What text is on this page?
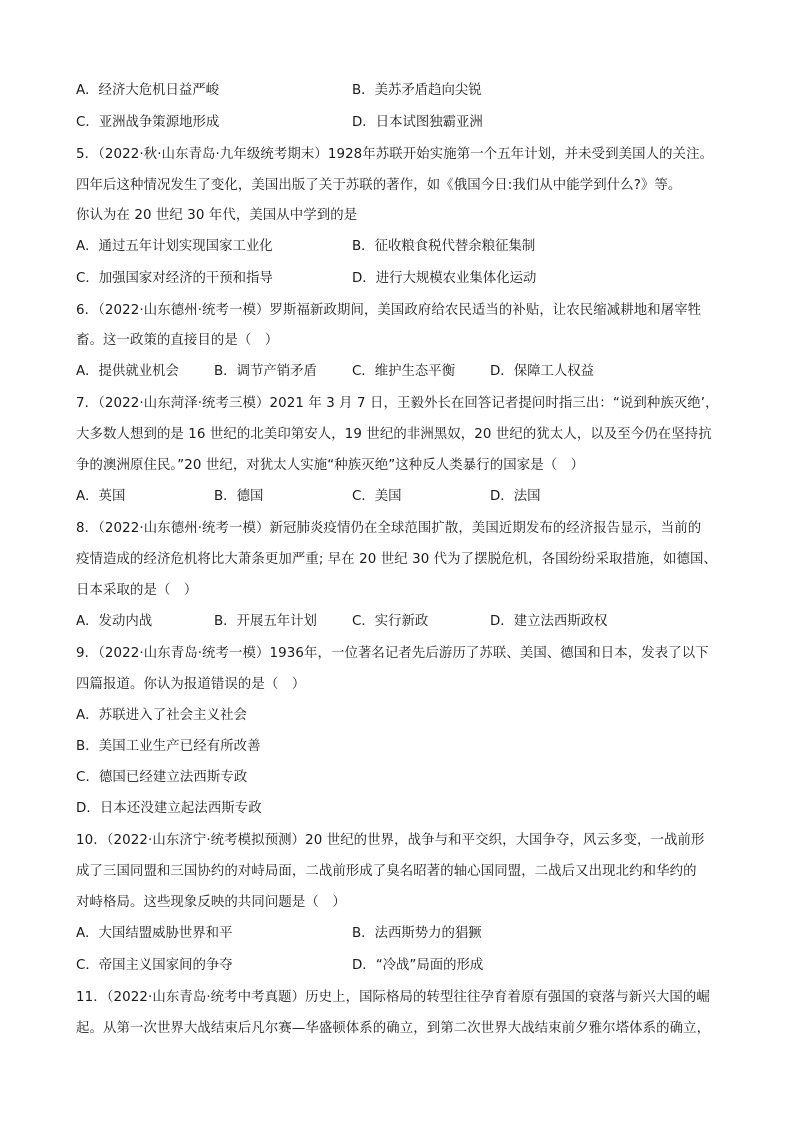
A．经济大危机日益严峻	B．美苏矛盾趋向尖锐
C．亚洲战争策源地形成	D．日本试图独霸亚洲
5．（2022·秋·山东青岛·九年级统考期末）1928年苏联开始实施第一个五年计划，并未受到美国人的关注。
四年后这种情况发生了变化，美国出版了关于苏联的著作，如《俄国今日:我们从中能学到什么?》等。
你认为在 20 世纪 30 年代，美国从中学到的是
A．通过五年计划实现国家工业化	B．征收粮食税代替余粮征集制
C．加强国家对经济的干预和指导	D．进行大规模农业集体化运动
6．（2022·山东德州·统考一模）罗斯福新政期间，美国政府给农民适当的补贴，让农民缩减耕地和屠宰牲
畜。这一政策的直接目的是（　）
A．提供就业机会	B．调节产销矛盾	C．维护生态平衡	D．保障工人权益
7．（2022·山东菏泽·统考三模）2021 年 3 月 7 日，王毅外长在回答记者提问时指三出：“说到种族灭绝’，
大多数人想到的是 16 世纪的北美印第安人，19 世纪的非洲黑奴，20 世纪的犹太人，以及至今仍在坚持抗
争的澳洲原住民。”20 世纪，对犹太人实施“种族灭绝”这种反人类暴行的国家是（　）
A．英国	B．德国	C．美国	D．法国
8．（2022·山东德州·统考一模）新冠肺炎疫情仍在全球范围扩散，美国近期发布的经济报告显示，当前的
疫情造成的经济危机将比大萧条更加严重; 早在 20 世纪 30 代为了摆脱危机，各国纷纷采取措施，如德国、
日本采取的是（　）
A．发动内战	B．开展五年计划	C．实行新政	D．建立法西斯政权
9．（2022·山东青岛·统考一模）1936年，一位著名记者先后游历了苏联、美国、德国和日本，发表了以下
四篇报道。你认为报道错误的是（　）
A．苏联进入了社会主义社会
B．美国工业生产已经有所改善
C．德国已经建立法西斯专政
D．日本还没建立起法西斯专政
10．（2022·山东济宁·统考模拟预测）20 世纪的世界，战争与和平交织，大国争夺，风云多变，一战前形
成了三国同盟和三国协约的对峙局面，二战前形成了臭名昭著的轴心国同盟，二战后又出现北约和华约的
对峙格局。这些现象反映的共同问题是（　）
A．大国结盟威胁世界和平	B．法西斯势力的猖獗
C．帝国主义国家间的争夺	D．“冷战”局面的形成
11．（2022·山东青岛·统考中考真题）历史上，国际格局的转型往往孕育着原有强国的衰落与新兴大国的崛
起。从第一次世界大战结束后凡尔赛—华盛顿体系的确立，到第二次世界大战结束前夕雅尔塔体系的确立，
